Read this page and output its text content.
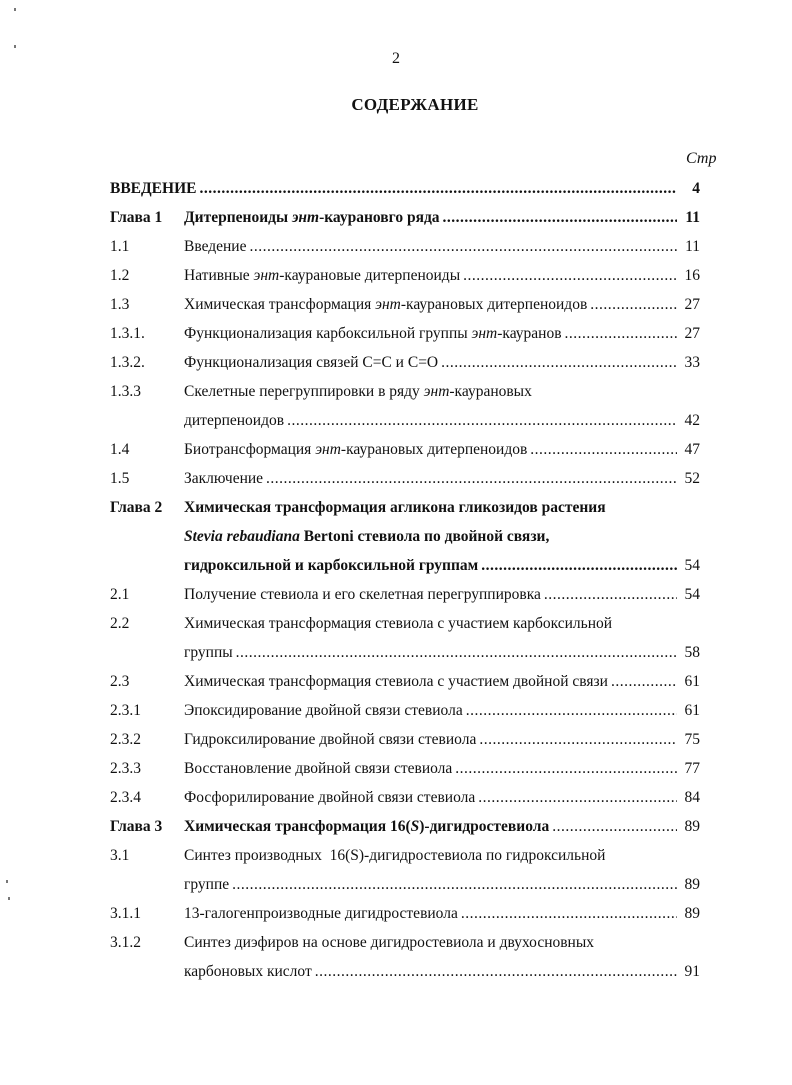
2
СОДЕРЖАНИЕ
Стр
ВВЕДЕНИЕ .....	4
Глава 1 Дитерпеноиды энт-каурановго ряда .....	11
1.1	Введение .....	11
1.2	Нативные энт-каурановые дитерпеноиды .....	16
1.3	Химическая трансформация энт-каурановых дитерпеноидов .....	27
1.3.1.	Функционализация карбоксильной группы энт-кауранов .....	27
1.3.2.	Функционализация связей С=С и С=О .....	33
1.3.3	Скелетные перегруппировки в ряду энт-каурановых
дитерпеноидов .....	42
1.4	Биотрансформация энт-каурановых дитерпеноидов .....	47
1.5	Заключение .....	52
Глава 2 Химическая трансформация агликона гликозидов растения
Stevia rebaudiana Bertoni стевиола по двойной связи,
гидроксильной и карбоксильной группам .....	54
2.1	Получение стевиола и его скелетная перегруппировка .....	54
2.2	Химическая трансформация стевиола с участием карбоксильной
группы .....	58
2.3	Химическая трансформация стевиола с участием двойной связи .....	61
2.3.1	Эпоксидирование двойной связи стевиола .....	61
2.3.2	Гидроксилирование двойной связи стевиола .....	75
2.3.3	Восстановление двойной связи стевиола .....	77
2.3.4	Фосфорилирование двойной связи стевиола .....	84
Глава 3 Химическая трансформация 16(S)-дигидростевиола .....	89
3.1	Синтез производных  16(S)-дигидростевиола по гидроксильной
группе .....	89
3.1.1	13-галогенпроизводные дигидростевиола .....	89
3.1.2	Синтез диэфиров на основе дигидростевиола и двухосновных
карбоновых кислот .....	91
